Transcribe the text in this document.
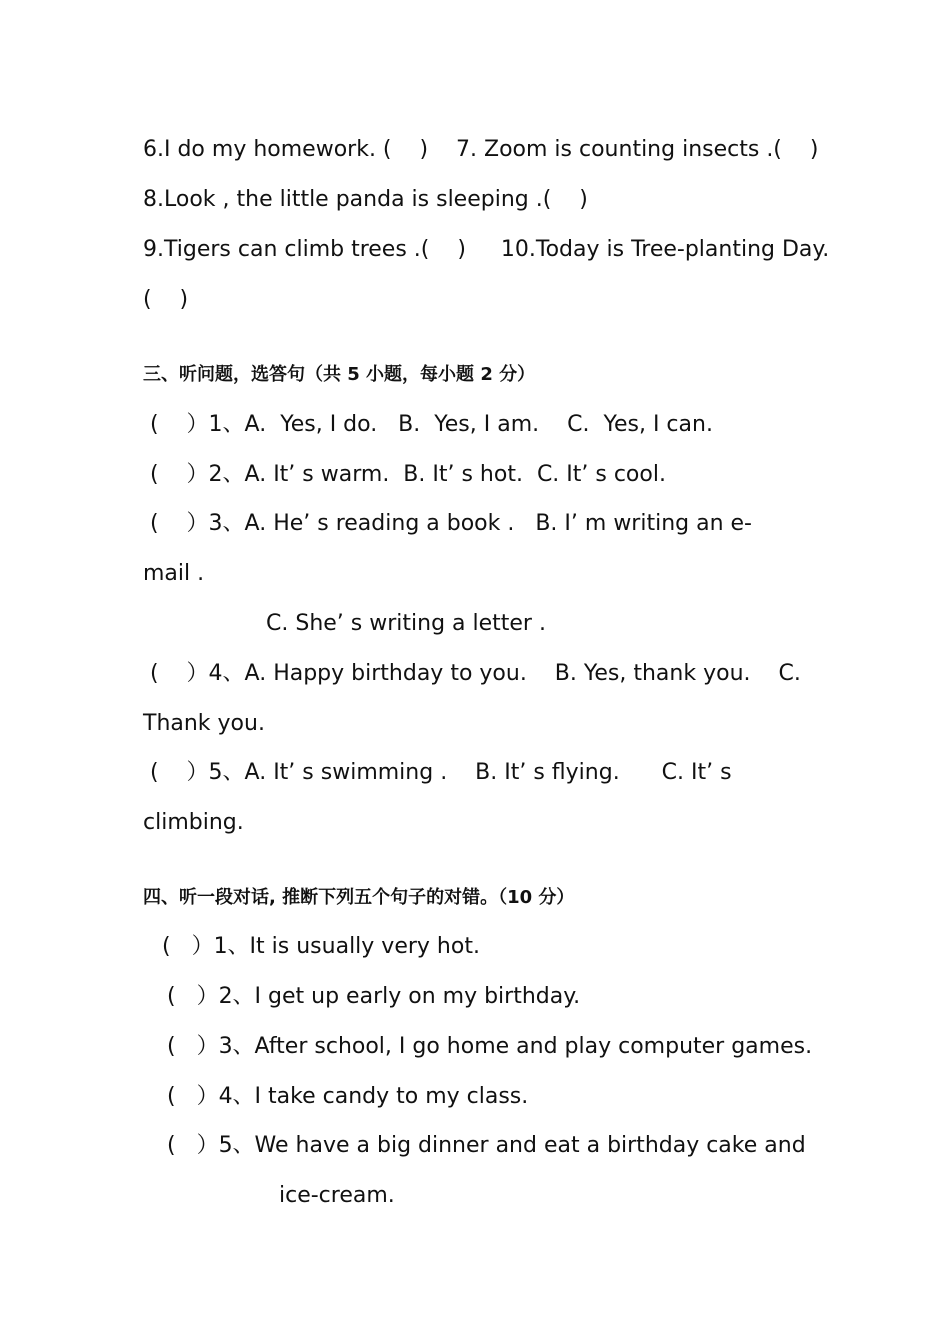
6.I do my homework. (    )    7. Zoom is counting insects .(    )
8.Look , the little panda is sleeping .(    )
9.Tigers can climb trees .(    )     10.Today is Tree-planting Day.
(    )
三、听问题，选答句（共 5 小题，每小题 2 分）
(    ）1、A.  Yes, I do.   B.  Yes, I am.    C.  Yes, I can.
(    ）2、A. It’ s warm.  B. It’ s hot.  C. It’ s cool.
(    ）3、A. He’ s reading a book .   B. I’ m writing an e-
mail .
C. She’ s writing a letter .
(    ）4、A. Happy birthday to you.    B. Yes, thank you.    C.
Thank you.
(    ）5、A. It’ s swimming .    B. It’ s flying.      C. It’ s
climbing.
四、听一段对话, 推断下列五个句子的对错。（10 分）
(   ）1、It is usually very hot.
(   ）2、I get up early on my birthday.
(   ）3、After school, I go home and play computer games.
(   ）4、I take candy to my class.
(   ）5、We have a big dinner and eat a birthday cake and
ice-cream.
